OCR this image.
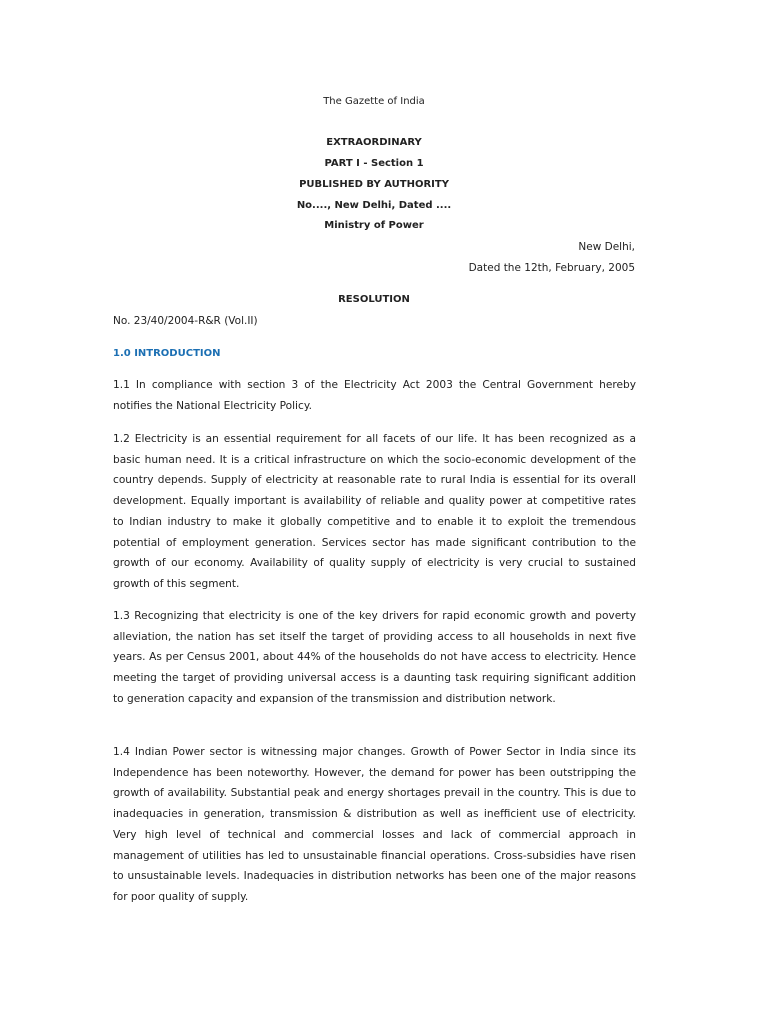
The Gazette of India
EXTRAORDINARY
PART I - Section 1
PUBLISHED BY AUTHORITY
No...., New Delhi, Dated ....
Ministry of Power
New Delhi,
Dated the 12th, February, 2005
RESOLUTION
No. 23/40/2004-R&R (Vol.II)
1.0 INTRODUCTION
1.1 In compliance with section 3 of the Electricity Act 2003 the Central Government hereby notifies the National Electricity Policy.
1.2 Electricity is an essential requirement for all facets of our life. It has been recognized as a basic human need. It is a critical infrastructure on which the socio-economic development of the country depends. Supply of electricity at reasonable rate to rural India is essential for its overall development. Equally important is availability of reliable and quality power at competitive rates to Indian industry to make it globally competitive and to enable it to exploit the tremendous potential of employment generation. Services sector has made significant contribution to the growth of our economy. Availability of quality supply of electricity is very crucial to sustained growth of this segment.
1.3 Recognizing that electricity is one of the key drivers for rapid economic growth and poverty alleviation, the nation has set itself the target of providing access to all households in next five years. As per Census 2001, about 44% of the households do not have access to electricity. Hence meeting the target of providing universal access is a daunting task requiring significant addition to generation capacity and expansion of the transmission and distribution network.
1.4 Indian Power sector is witnessing major changes. Growth of Power Sector in India since its Independence has been noteworthy. However, the demand for power has been outstripping the growth of availability. Substantial peak and energy shortages prevail in the country. This is due to inadequacies in generation, transmission & distribution as well as inefficient use of electricity. Very high level of technical and commercial losses and lack of commercial approach in management of utilities has led to unsustainable financial operations. Cross-subsidies have risen to unsustainable levels. Inadequacies in distribution networks has been one of the major reasons for poor quality of supply.
